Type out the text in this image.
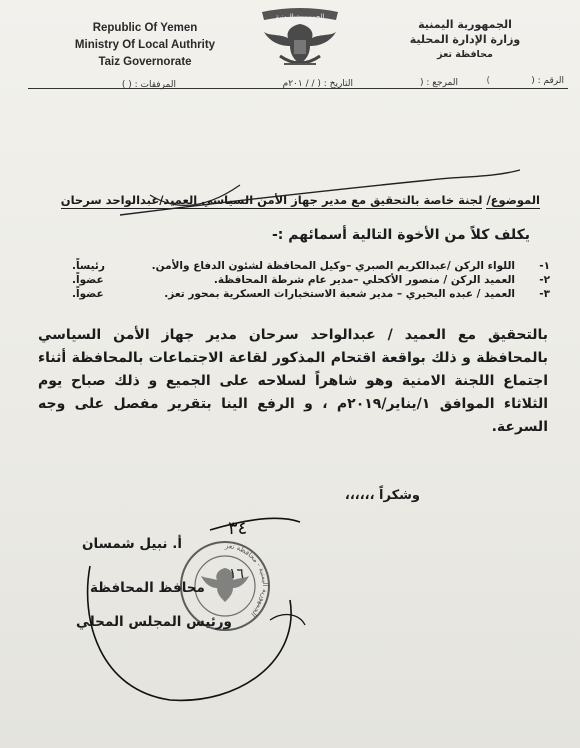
Republic Of Yemen
Ministry Of Local Authrity
Taiz Governorate
الجمهورية اليمنية
الجمهورية اليمنية
وزارة الإدارة المحلية
محافظة تعز
الرقم : (
)
المرجع : (
التاريخ : ( / / ٢٠١م
المرفقات : ( )
الموضوع/ لجنة خاصة بالتحقيق مع مدير جهاز الأمن السياسي العميد/عبدالواحد سرحان
يكلف كلاً من الأخوة التالية أسمائهم :-
١-
اللواء الركن /عبدالكريم الصبري –وكيل المحافظة لشئون الدفاع والأمن.
رئيساً.
٢-
العميد الركن / منصور الأكحلي –مدير عام شرطة المحافظة.
عضواً.
٣-
العميد / عبده البحيري – مدير شعبة الاستخبارات العسكرية بمحور تعز.
عضواً.
بالتحقيق مع العميد / عبدالواحد سرحان مدير جهاز الأمن السياسي بالمحافظة و ذلك بواقعة اقتحام المذكور لقاعة الاجتماعات بالمحافظة أثناء اجتماع اللجنة الامنية وهو شاهراً لسلاحه على الجميع و ذلك صباح يوم الثلاثاء الموافق ١/يناير/٢٠١٩م ، و الرفع الينا بتقرير مفصل على وجه السرعة.
وشكراً ،،،،،،
الجمهورية اليمنية - محافظة تعز
١٦
أ. نبيل شمسان
محافظ المحافظة
ورئيس المجلس المحلي
٣٤
